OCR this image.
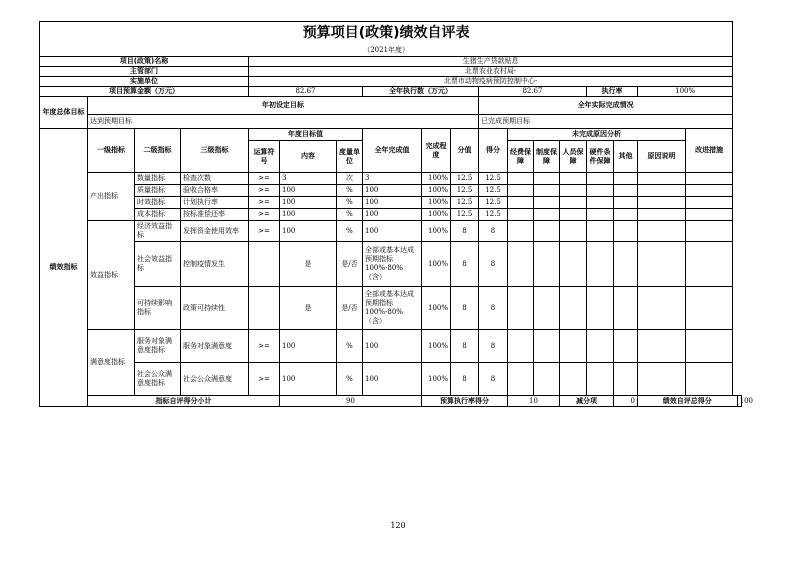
预算项目(政策)绩效自评表																		
（2021年度）																		
项目(政策)名称				生猪生产贷款贴息														
主管部门				北票农业农村局-														
实施单位				北票市动物疫病预防控制中心-														
项目预算金额（万元）				82.67			全年执行数（万元）			82.67				执行率		100%		
年度总体目标	年初设定目标									全年实际完成情况								
	达到预期目标									已完成预期目标								
绩效指标	一级指标	二级指标	三级指标	年度目标值			全年完成值	完成程度	分值	得分	未完成原因分析						改进措施	
				运算符号	内容	度量单位					经费保障	制度保障	人员保障	硬件条件保障	其他	原因说明		
	产出指标	数量指标	检查次数	>=	3	次	3	100%	12.5	12.5								
		质量指标	验收合格率	>=	100	%	100	100%	12.5	12.5								
		时效指标	计划执行率	>=	100	%	100	100%	12.5	12.5								
		成本指标	按标准偿还率	>=	100	%	100	100%	12.5	12.5								
	效益指标	经济效益指标	发挥资金使用效率	>=	100	%	100	100%	8	8								
		社会效益指标	控制疫情发生		是	是/否	全部或基本达成预期指标100%-80%（含）	100%	8	8								
		可持续影响指标	政策可持续性		是	是/否	全部或基本达成预期指标100%-80%（含）	100%	8	8								
	满意度指标	服务对象满意度指标	服务对象满意度	>=	100	%	100	100%	8	8								
		社会公众满意度指标	社会公众满意度	>=	100	%	100	100%	8	8								
	指标自评得分小计				90			预算执行率得分			10		减分项		0	绩效自评总得分		100
120
